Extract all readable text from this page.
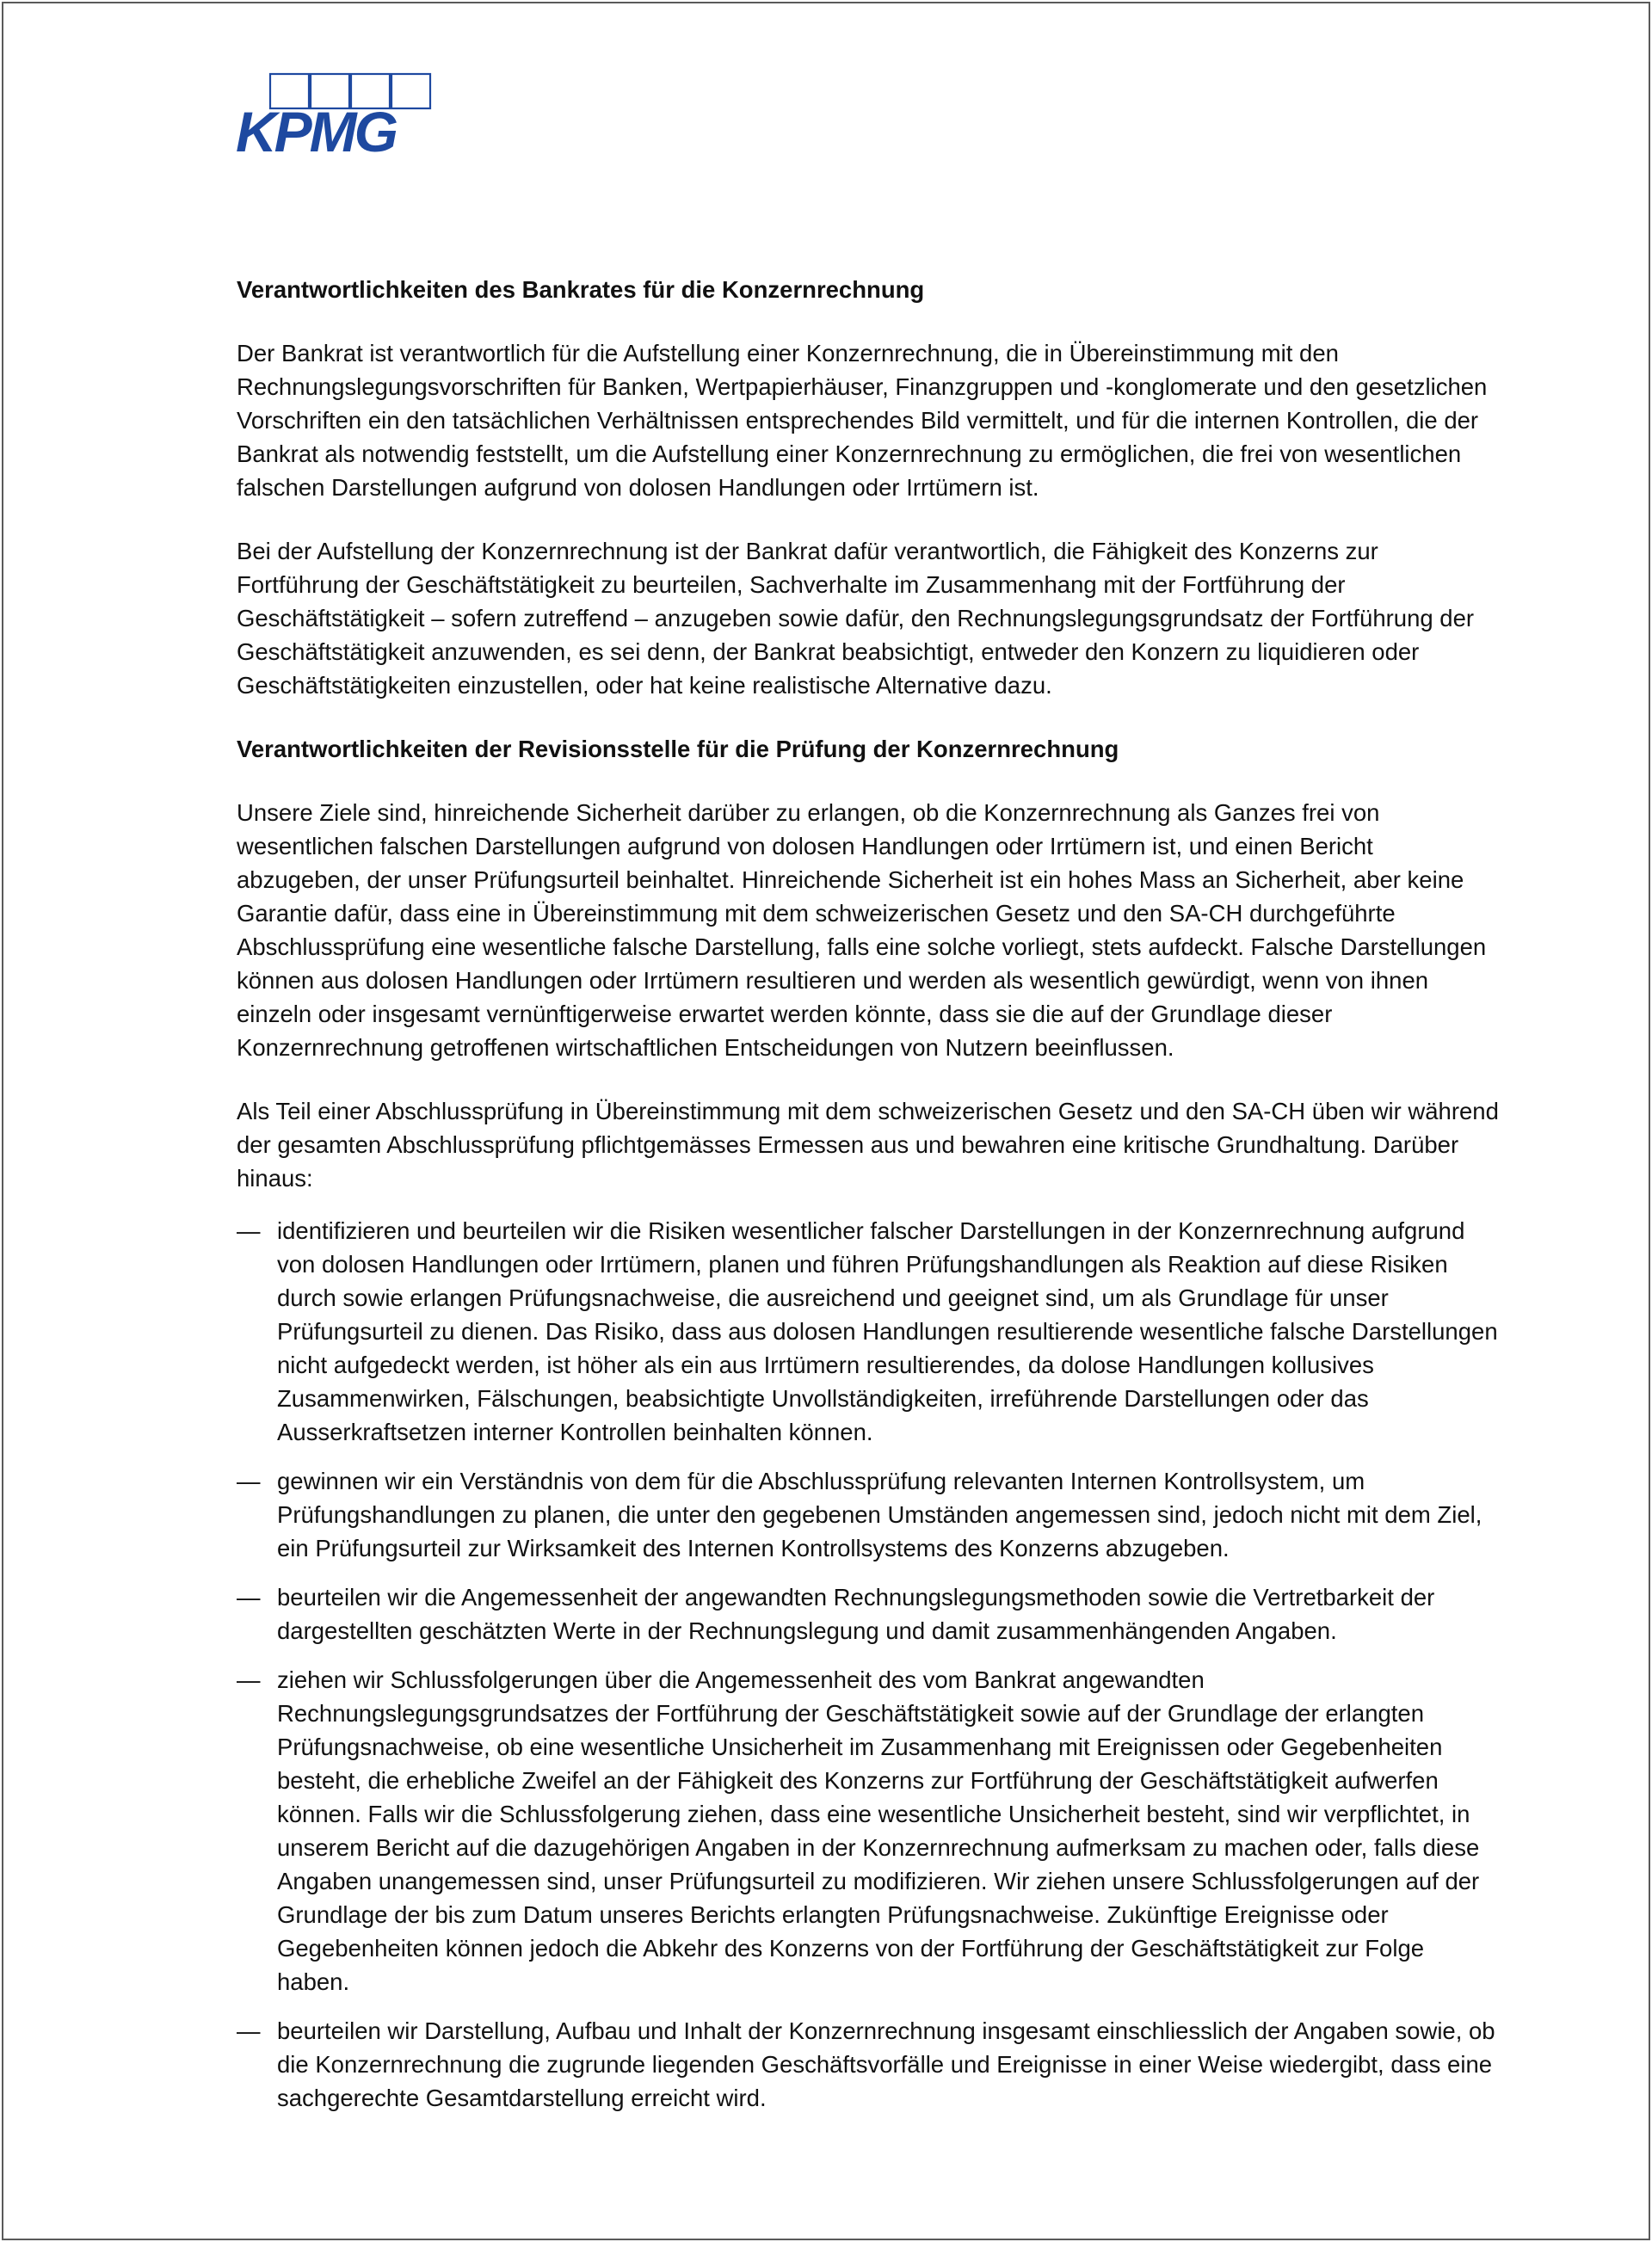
KPMG
Verantwortlichkeiten des Bankrates für die Konzernrechnung

Der Bankrat ist verantwortlich für die Aufstellung einer Konzernrechnung, die in Übereinstimmung mit den Rechnungslegungsvorschriften für Banken, Wertpapierhäuser, Finanzgruppen und -konglomerate und den gesetzlichen Vorschriften ein den tatsächlichen Verhältnissen entsprechendes Bild vermittelt, und für die internen Kontrollen, die der Bankrat als notwendig feststellt, um die Aufstellung einer Konzernrechnung zu ermöglichen, die frei von wesentlichen falschen Darstellungen aufgrund von dolosen Handlungen oder Irrtümern ist.

Bei der Aufstellung der Konzernrechnung ist der Bankrat dafür verantwortlich, die Fähigkeit des Konzerns zur Fortführung der Geschäftstätigkeit zu beurteilen, Sachverhalte im Zusammenhang mit der Fortführung der Geschäftstätigkeit – sofern zutreffend – anzugeben sowie dafür, den Rechnungslegungsgrundsatz der Fortführung der Geschäftstätigkeit anzuwenden, es sei denn, der Bankrat beabsichtigt, entweder den Konzern zu liquidieren oder Geschäftstätigkeiten einzustellen, oder hat keine realistische Alternative dazu.

Verantwortlichkeiten der Revisionsstelle für die Prüfung der Konzernrechnung

Unsere Ziele sind, hinreichende Sicherheit darüber zu erlangen, ob die Konzernrechnung als Ganzes frei von wesentlichen falschen Darstellungen aufgrund von dolosen Handlungen oder Irrtümern ist, und einen Bericht abzugeben, der unser Prüfungsurteil beinhaltet. Hinreichende Sicherheit ist ein hohes Mass an Sicherheit, aber keine Garantie dafür, dass eine in Übereinstimmung mit dem schweizerischen Gesetz und den SA-CH durchgeführte Abschlussprüfung eine wesentliche falsche Darstellung, falls eine solche vorliegt, stets aufdeckt. Falsche Darstellungen können aus dolosen Handlungen oder Irrtümern resultieren und werden als wesentlich gewürdigt, wenn von ihnen einzeln oder insgesamt vernünftigerweise erwartet werden könnte, dass sie die auf der Grundlage dieser Konzernrechnung getroffenen wirtschaftlichen Entscheidungen von Nutzern beeinflussen.

Als Teil einer Abschlussprüfung in Übereinstimmung mit dem schweizerischen Gesetz und den SA-CH üben wir während der gesamten Abschlussprüfung pflichtgemässes Ermessen aus und bewahren eine kritische Grundhaltung. Darüber hinaus:

— identifizieren und beurteilen wir die Risiken wesentlicher falscher Darstellungen in der Konzernrechnung aufgrund von dolosen Handlungen oder Irrtümern, planen und führen Prüfungshandlungen als Reaktion auf diese Risiken durch sowie erlangen Prüfungsnachweise, die ausreichend und geeignet sind, um als Grundlage für unser Prüfungsurteil zu dienen. Das Risiko, dass aus dolosen Handlungen resultierende wesentliche falsche Darstellungen nicht aufgedeckt werden, ist höher als ein aus Irrtümern resultierendes, da dolose Handlungen kollusives Zusammenwirken, Fälschungen, beabsichtigte Unvollständigkeiten, irreführende Darstellungen oder das Ausserkraftsetzen interner Kontrollen beinhalten können.
— gewinnen wir ein Verständnis von dem für die Abschlussprüfung relevanten Internen Kontrollsystem, um Prüfungshandlungen zu planen, die unter den gegebenen Umständen angemessen sind, jedoch nicht mit dem Ziel, ein Prüfungsurteil zur Wirksamkeit des Internen Kontrollsystems des Konzerns abzugeben.
— beurteilen wir die Angemessenheit der angewandten Rechnungslegungsmethoden sowie die Vertretbarkeit der dargestellten geschätzten Werte in der Rechnungslegung und damit zusammenhängenden Angaben.
— ziehen wir Schlussfolgerungen über die Angemessenheit des vom Bankrat angewandten Rechnungslegungsgrundsatzes der Fortführung der Geschäftstätigkeit sowie auf der Grundlage der erlangten Prüfungsnachweise, ob eine wesentliche Unsicherheit im Zusammenhang mit Ereignissen oder Gegebenheiten besteht, die erhebliche Zweifel an der Fähigkeit des Konzerns zur Fortführung der Geschäftstätigkeit aufwerfen können. Falls wir die Schlussfolgerung ziehen, dass eine wesentliche Unsicherheit besteht, sind wir verpflichtet, in unserem Bericht auf die dazugehörigen Angaben in der Konzernrechnung aufmerksam zu machen oder, falls diese Angaben unangemessen sind, unser Prüfungsurteil zu modifizieren. Wir ziehen unsere Schlussfolgerungen auf der Grundlage der bis zum Datum unseres Berichts erlangten Prüfungsnachweise. Zukünftige Ereignisse oder Gegebenheiten können jedoch die Abkehr des Konzerns von der Fortführung der Geschäftstätigkeit zur Folge haben.
— beurteilen wir Darstellung, Aufbau und Inhalt der Konzernrechnung insgesamt einschliesslich der Angaben sowie, ob die Konzernrechnung die zugrunde liegenden Geschäftsvorfälle und Ereignisse in einer Weise wiedergibt, dass eine sachgerechte Gesamtdarstellung erreicht wird.
